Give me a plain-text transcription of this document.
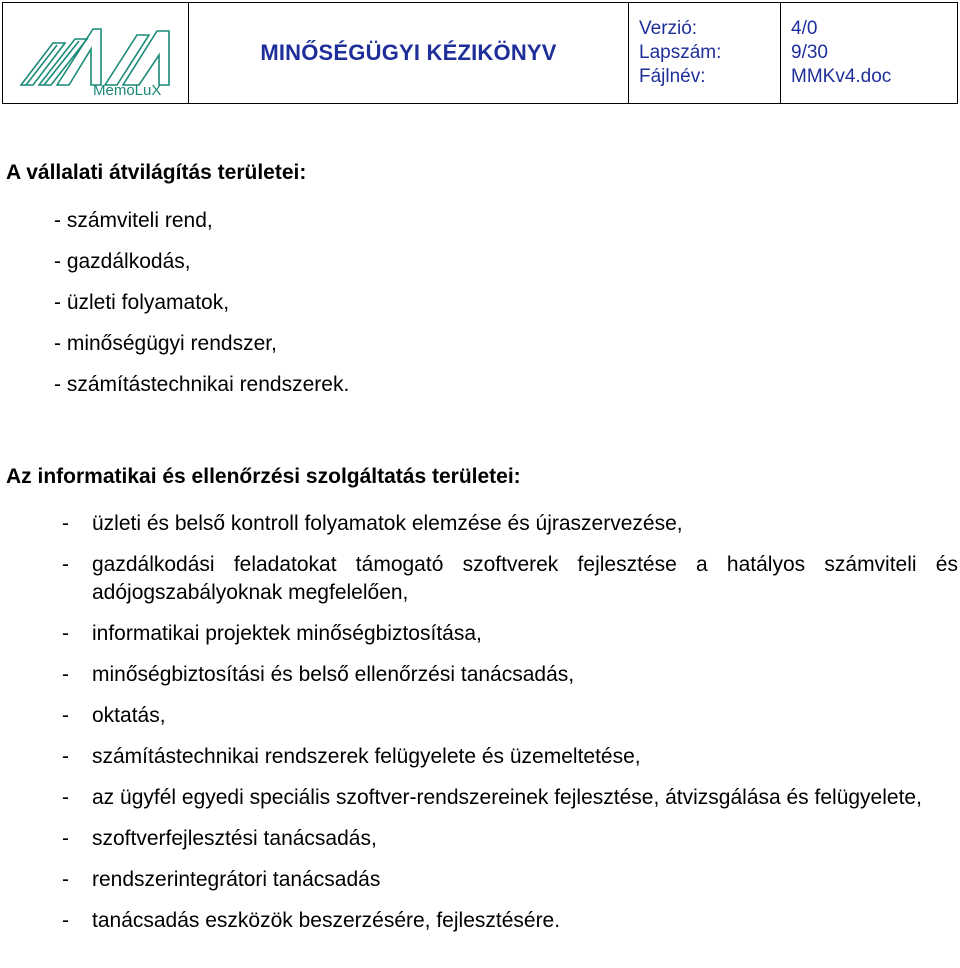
MemoLuX
MINŐSÉGÜGYI KÉZIKÖNYV
Verzió:
Lapszám:
Fájlnév:
4/0
9/30
MMKv4.doc

A vállalati átvilágítás területei:

- számviteli rend,
- gazdálkodás,
- üzleti folyamatok,
- minőségügyi rendszer,
- számítástechnikai rendszerek.

Az informatikai és ellenőrzési szolgáltatás területei:

- üzleti és belső kontroll folyamatok elemzése és újraszervezése,
- gazdálkodási feladatokat támogató szoftverek fejlesztése a hatályos számviteli és adójogszabályoknak megfelelően,
- informatikai projektek minőségbiztosítása,
- minőségbiztosítási és belső ellenőrzési tanácsadás,
- oktatás,
- számítástechnikai rendszerek felügyelete és üzemeltetése,
- az ügyfél egyedi speciális szoftver-rendszereinek fejlesztése, átvizsgálása és felügyelete,
- szoftverfejlesztési tanácsadás,
- rendszerintegrátori tanácsadás
- tanácsadás eszközök beszerzésére, fejlesztésére.
